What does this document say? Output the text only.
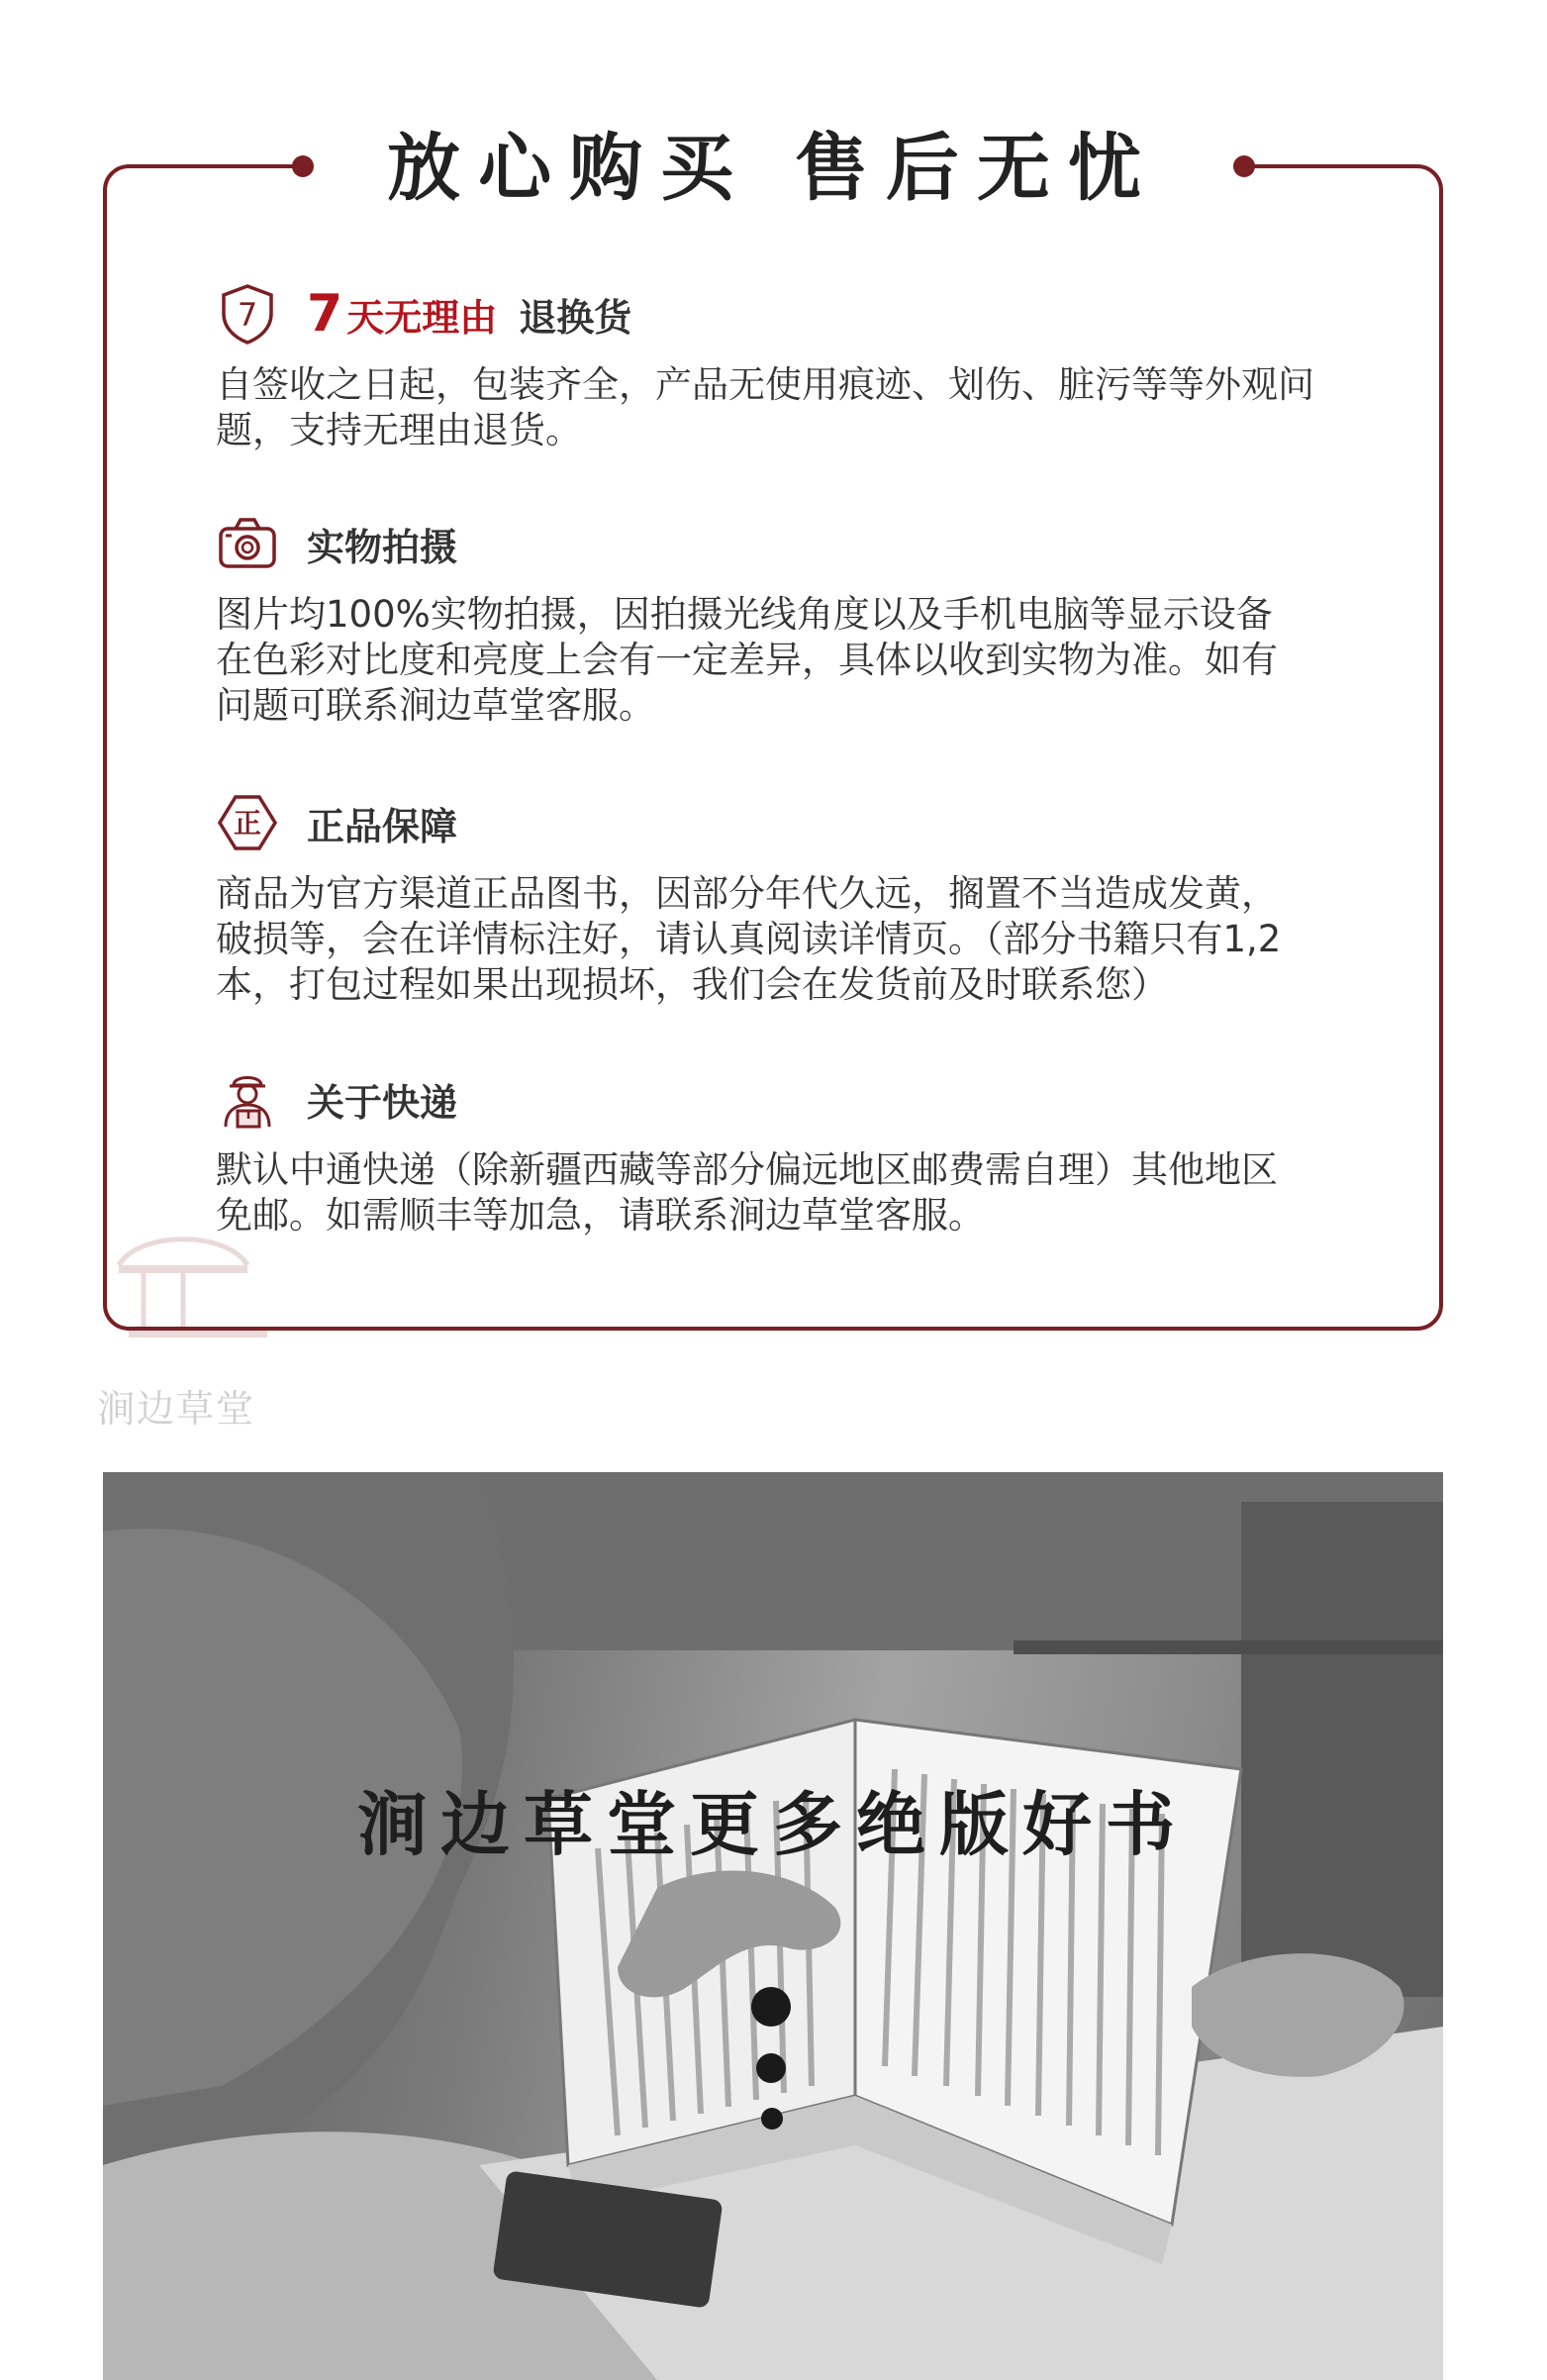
放心购买 售后无忧
7 7 天无理由 退换货
自签收之日起，包装齐全，产品无使用痕迹、划伤、脏污等等外观问
题，支持无理由退货。
实物拍摄
图片均100%实物拍摄，因拍摄光线角度以及手机电脑等显示设备
在色彩对比度和亮度上会有一定差异，具体以收到实物为准。如有
问题可联系涧边草堂客服。
正 正品保障
商品为官方渠道正品图书，因部分年代久远，搁置不当造成发黄，
破损等，会在详情标注好，请认真阅读详情页。（部分书籍只有1,2
本，打包过程如果出现损坏，我们会在发货前及时联系您）
关于快递
默认中通快递（除新疆西藏等部分偏远地区邮费需自理）其他地区
免邮。如需顺丰等加急，请联系涧边草堂客服。
涧边草堂
涧边草堂更多绝版好书
